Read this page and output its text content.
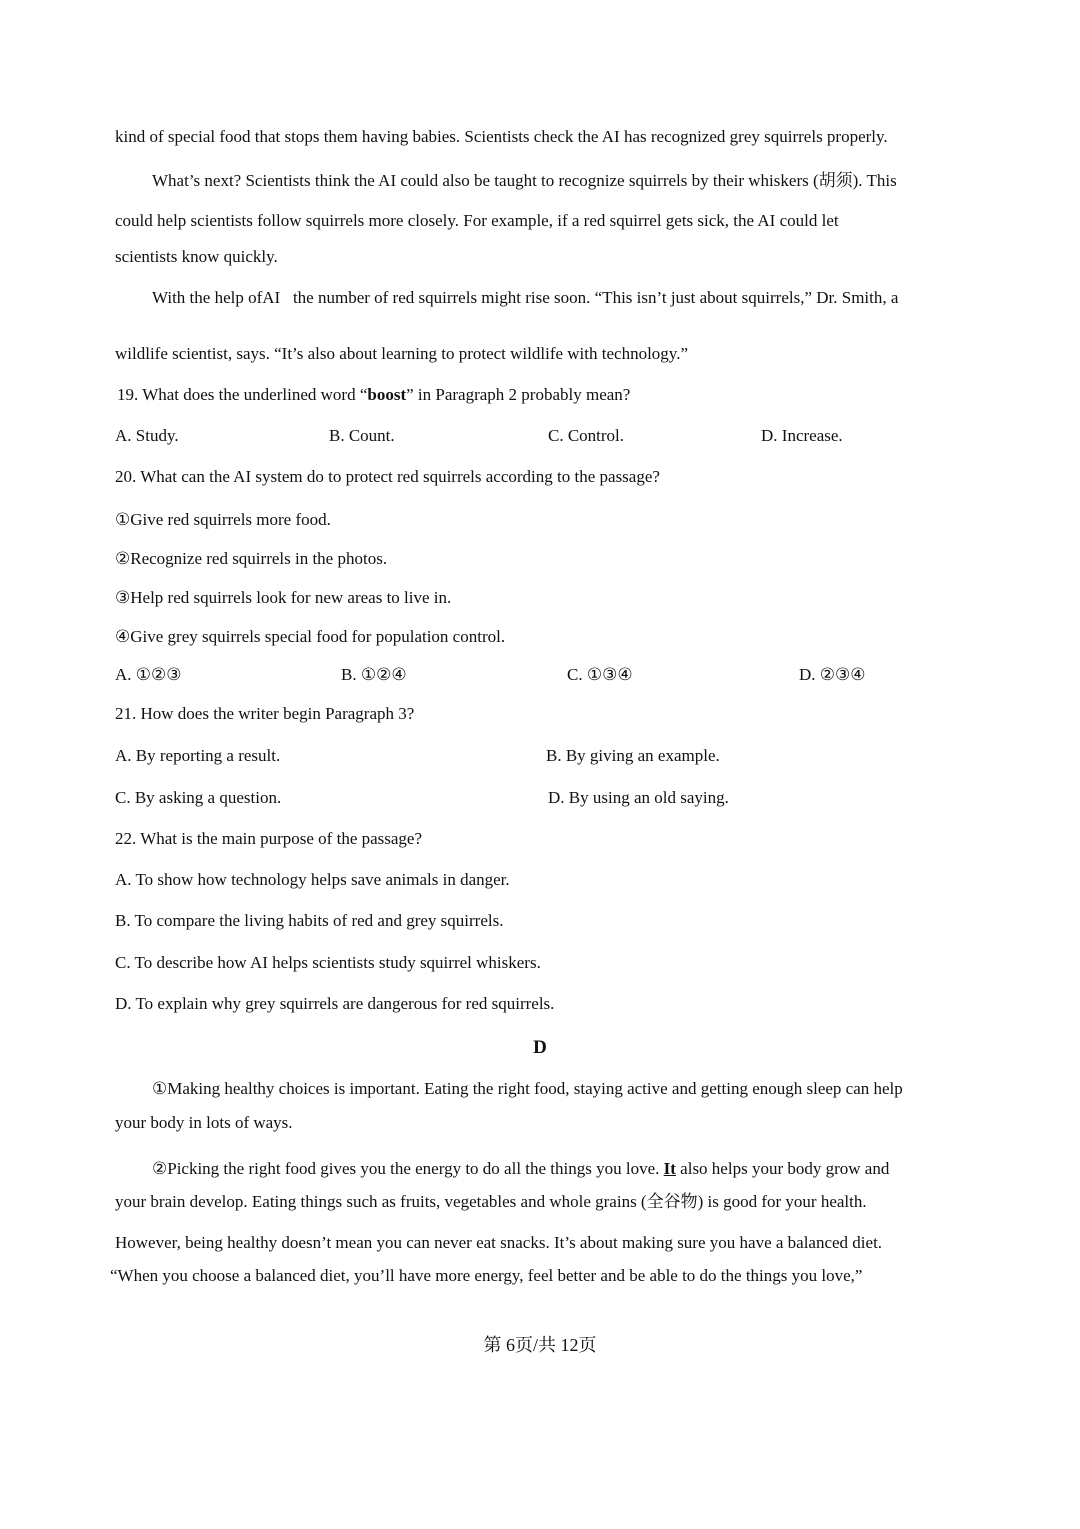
kind of special food that stops them having babies. Scientists check the AI has recognized grey squirrels properly.
What’s next? Scientists think the AI could also be taught to recognize squirrels by their whiskers (胡须). This
could help scientists follow squirrels more closely. For example, if a red squirrel gets sick, the AI could let
scientists know quickly.
With the help ofAI   the number of red squirrels might rise soon. “This isn’t just about squirrels,” Dr. Smith, a
wildlife scientist, says. “It’s also about learning to protect wildlife with technology.”
19. What does the underlined word “boost” in Paragraph 2 probably mean?
A. Study.	B. Count.	C. Control.	D. Increase.
20. What can the AI system do to protect red squirrels according to the passage?
①Give red squirrels more food.
②Recognize red squirrels in the photos.
③Help red squirrels look for new areas to live in.
④Give grey squirrels special food for population control.
A. ①②③	B. ①②④	C. ①③④	D. ②③④
21. How does the writer begin Paragraph 3?
A. By reporting a result.	B. By giving an example.
C. By asking a question.	D. By using an old saying.
22. What is the main purpose of the passage?
A. To show how technology helps save animals in danger.
B. To compare the living habits of red and grey squirrels.
C. To describe how AI helps scientists study squirrel whiskers.
D. To explain why grey squirrels are dangerous for red squirrels.
D
①Making healthy choices is important. Eating the right food, staying active and getting enough sleep can help
your body in lots of ways.
②Picking the right food gives you the energy to do all the things you love. It also helps your body grow and
your brain develop. Eating things such as fruits, vegetables and whole grains (全谷物) is good for your health.
However, being healthy doesn’t mean you can never eat snacks. It’s about making sure you have a balanced diet.
“When you choose a balanced diet, you’ll have more energy, feel better and be able to do the things you love,”
第 6页/共 12页
